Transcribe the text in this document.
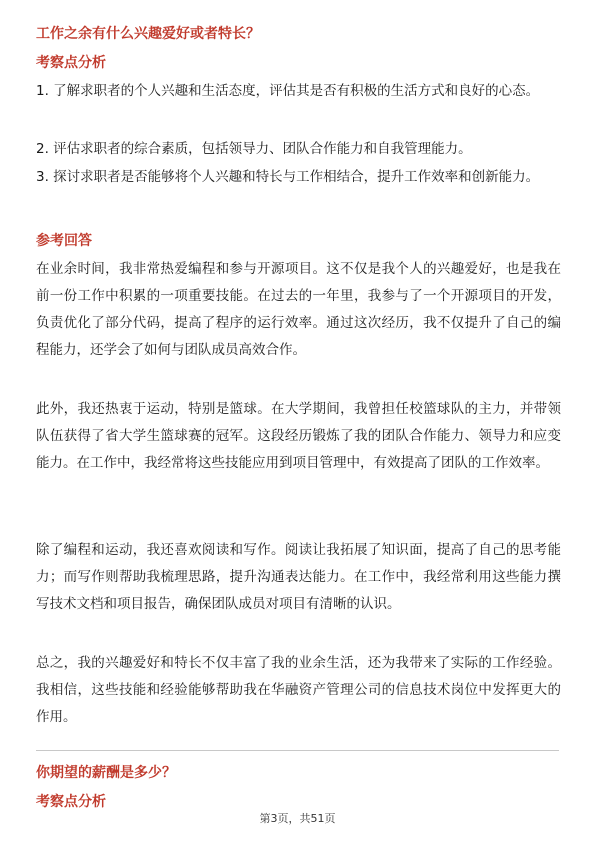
工作之余有什么兴趣爱好或者特长？
考察点分析
1. 了解求职者的个人兴趣和生活态度，评估其是否有积极的生活方式和良好的心态。
2. 评估求职者的综合素质，包括领导力、团队合作能力和自我管理能力。
3. 探讨求职者是否能够将个人兴趣和特长与工作相结合，提升工作效率和创新能力。
参考回答
在业余时间，我非常热爱编程和参与开源项目。这不仅是我个人的兴趣爱好，也是我在前一份工作中积累的一项重要技能。在过去的一年里，我参与了一个开源项目的开发，负责优化了部分代码，提高了程序的运行效率。通过这次经历，我不仅提升了自己的编程能力，还学会了如何与团队成员高效合作。
此外，我还热衷于运动，特别是篮球。在大学期间，我曾担任校篮球队的主力，并带领队伍获得了省大学生篮球赛的冠军。这段经历锻炼了我的团队合作能力、领导力和应变能力。在工作中，我经常将这些技能应用到项目管理中，有效提高了团队的工作效率。
除了编程和运动，我还喜欢阅读和写作。阅读让我拓展了知识面，提高了自己的思考能力；而写作则帮助我梳理思路，提升沟通表达能力。在工作中，我经常利用这些能力撰写技术文档和项目报告，确保团队成员对项目有清晰的认识。
总之，我的兴趣爱好和特长不仅丰富了我的业余生活，还为我带来了实际的工作经验。我相信，这些技能和经验能够帮助我在华融资产管理公司的信息技术岗位中发挥更大的作用。
你期望的薪酬是多少？
考察点分析
第3页，共51页
